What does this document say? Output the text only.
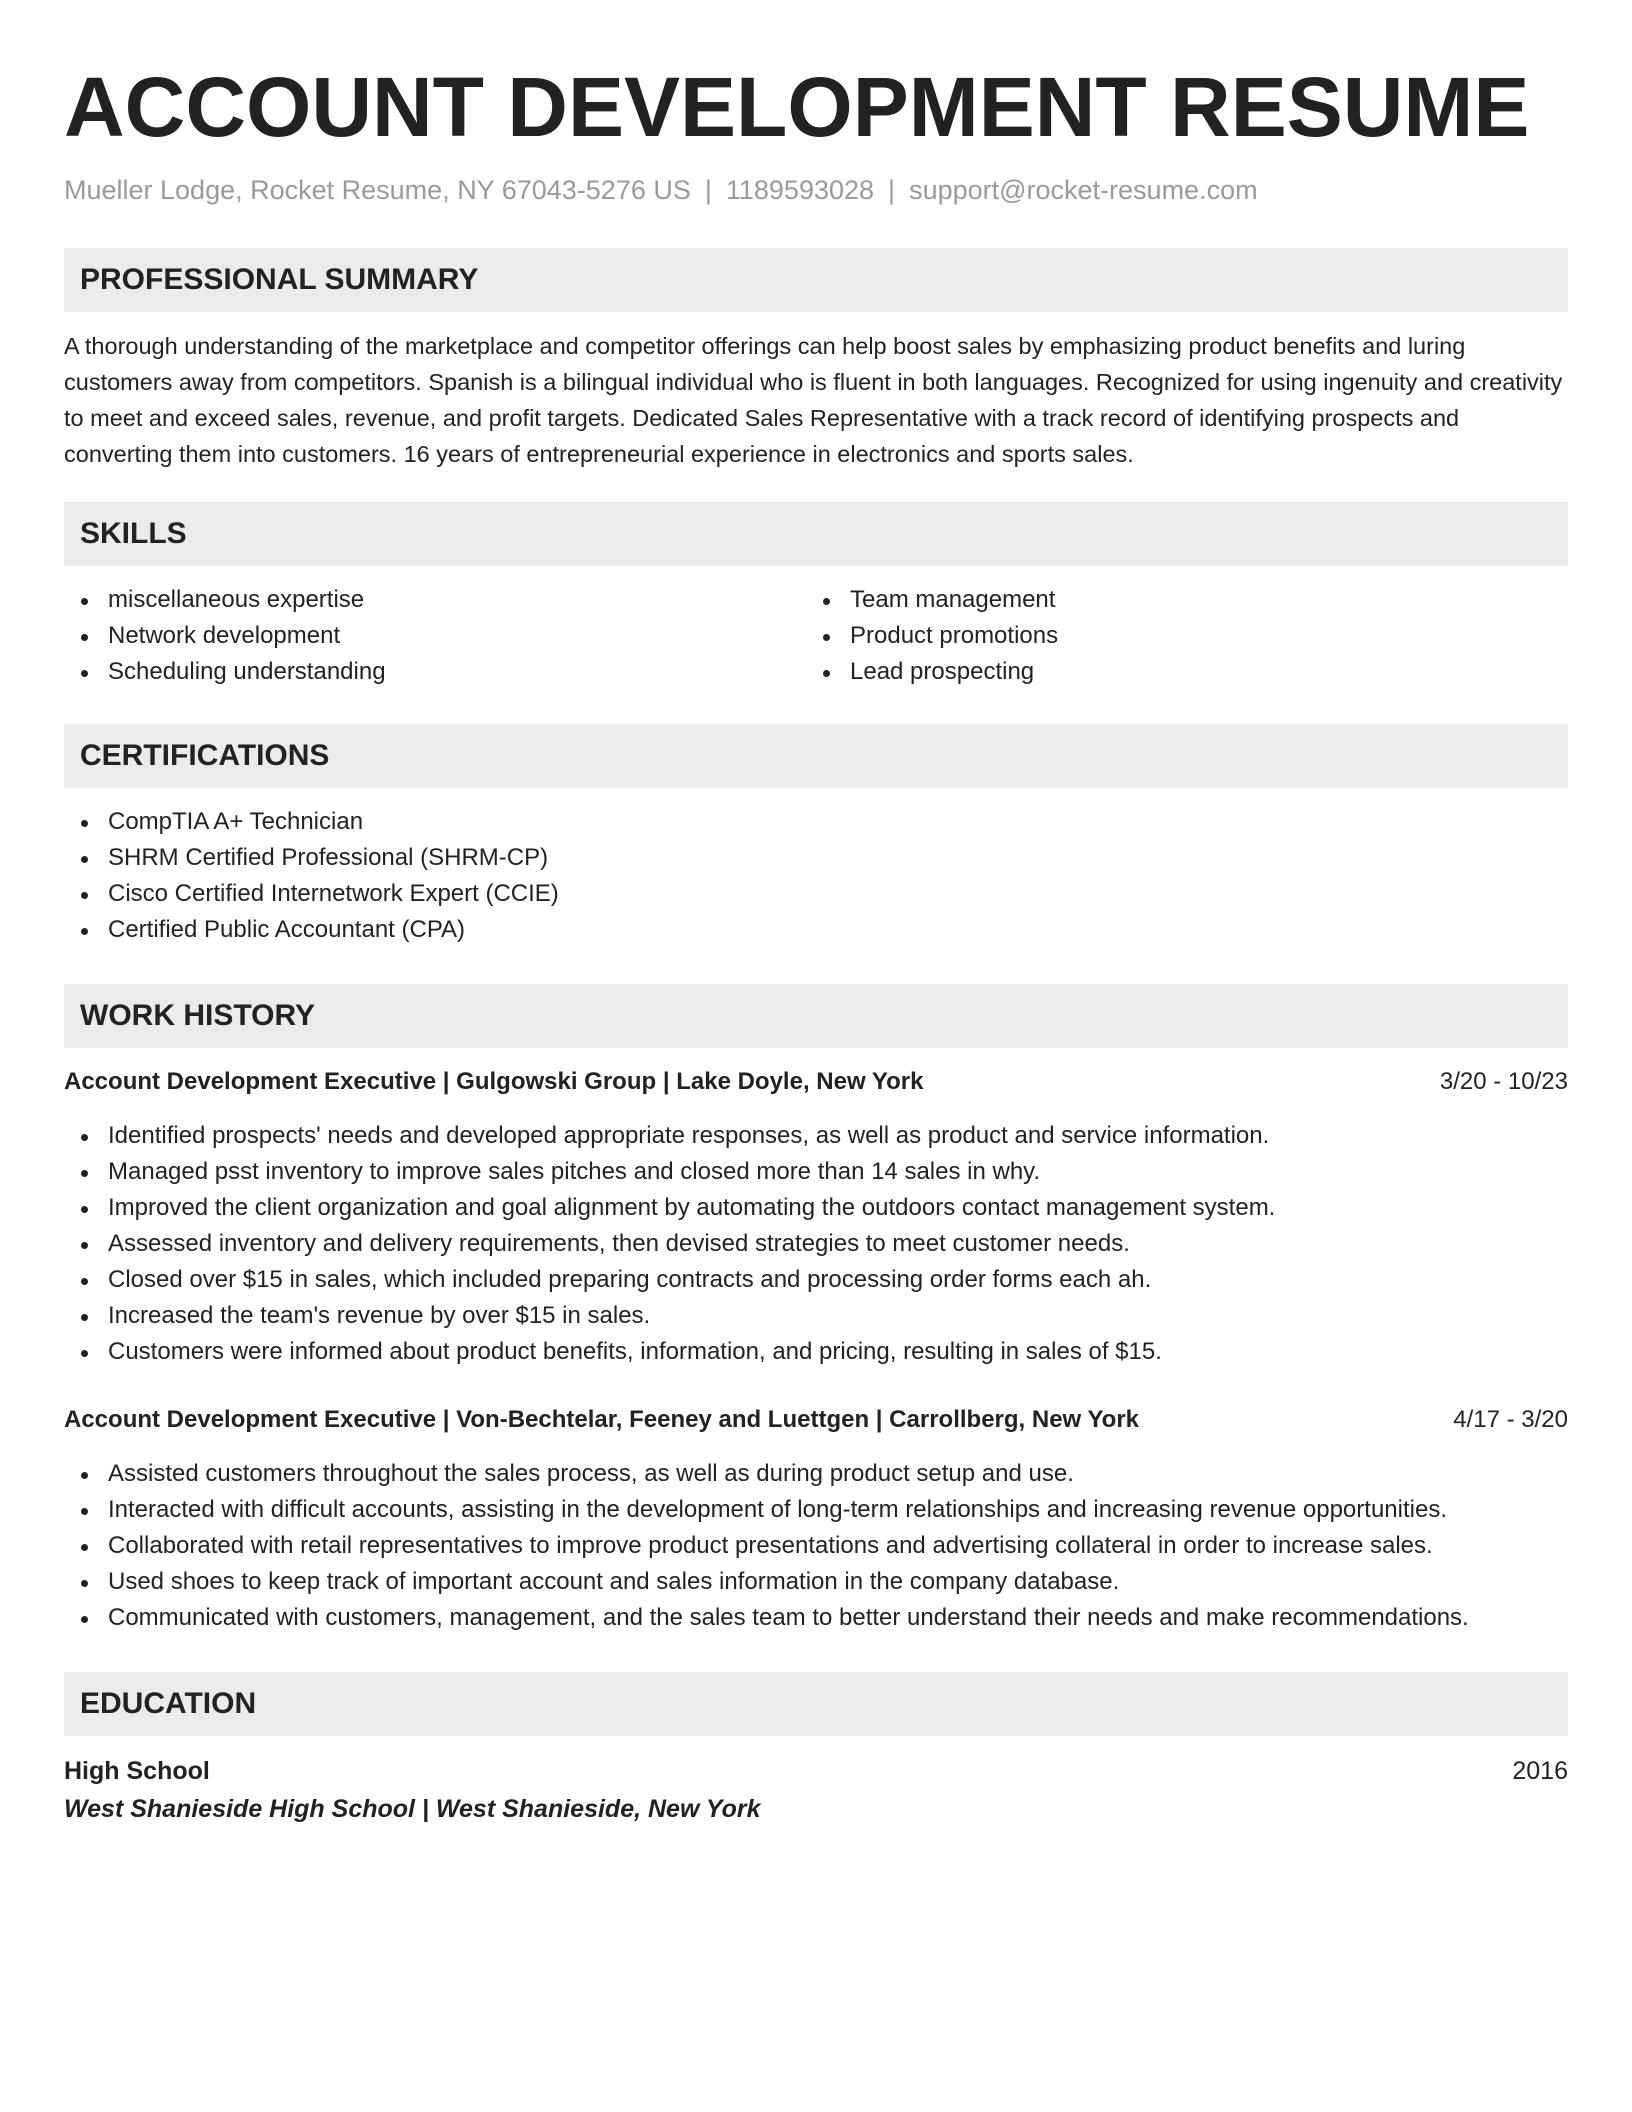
ACCOUNT DEVELOPMENT RESUME
Mueller Lodge, Rocket Resume, NY 67043-5276 US | 1189593028 | support@rocket-resume.com
PROFESSIONAL SUMMARY

A thorough understanding of the marketplace and competitor offerings can help boost sales by emphasizing product benefits and luring customers away from competitors. Spanish is a bilingual individual who is fluent in both languages. Recognized for using ingenuity and creativity to meet and exceed sales, revenue, and profit targets. Dedicated Sales Representative with a track record of identifying prospects and converting them into customers. 16 years of entrepreneurial experience in electronics and sports sales.

SKILLS
miscellaneous expertise
Network development
Scheduling understanding
Team management
Product promotions
Lead prospecting
CERTIFICATIONS
CompTIA A+ Technician
SHRM Certified Professional (SHRM-CP)
Cisco Certified Internetwork Expert (CCIE)
Certified Public Accountant (CPA)
WORK HISTORY
Account Development Executive | Gulgowski Group | Lake Doyle, New York	3/20 - 10/23
Identified prospects' needs and developed appropriate responses, as well as product and service information.
Managed psst inventory to improve sales pitches and closed more than 14 sales in why.
Improved the client organization and goal alignment by automating the outdoors contact management system.
Assessed inventory and delivery requirements, then devised strategies to meet customer needs.
Closed over $15 in sales, which included preparing contracts and processing order forms each ah.
Increased the team's revenue by over $15 in sales.
Customers were informed about product benefits, information, and pricing, resulting in sales of $15.
Account Development Executive | Von-Bechtelar, Feeney and Luettgen | Carrollberg, New York	4/17 - 3/20
Assisted customers throughout the sales process, as well as during product setup and use.
Interacted with difficult accounts, assisting in the development of long-term relationships and increasing revenue opportunities.
Collaborated with retail representatives to improve product presentations and advertising collateral in order to increase sales.
Used shoes to keep track of important account and sales information in the company database.
Communicated with customers, management, and the sales team to better understand their needs and make recommendations.
EDUCATION
High School	2016
West Shanieside High School | West Shanieside, New York
